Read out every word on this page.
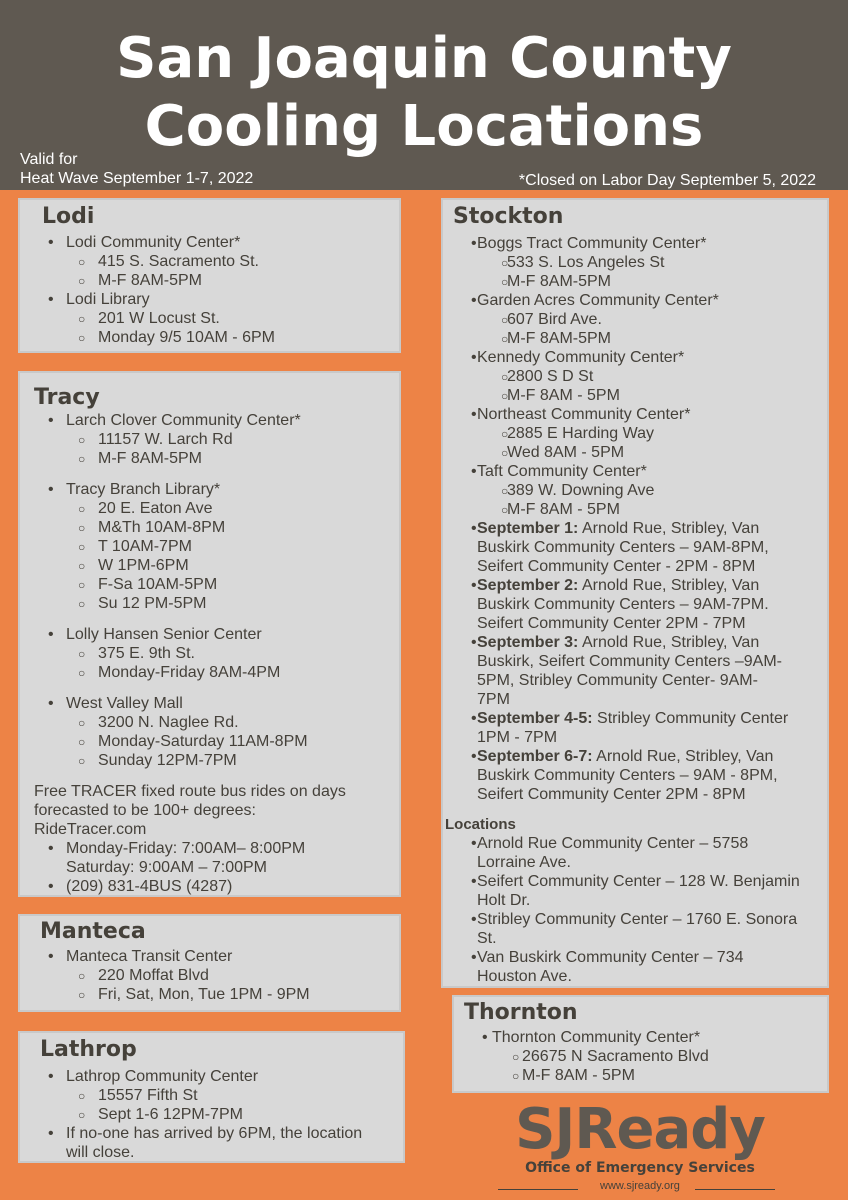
San Joaquin County
Cooling Locations
Valid for
Heat Wave September 1-7, 2022	*Closed on Labor Day September 5, 2022
Lodi
• Lodi Community Center*
○ 415 S. Sacramento St.
○ M-F 8AM-5PM
• Lodi Library
○ 201 W Locust St.
○ Monday 9/5 10AM - 6PM
Tracy
• Larch Clover Community Center*
○ 11157 W. Larch Rd
○ M-F 8AM-5PM
• Tracy Branch Library*
○ 20 E. Eaton Ave
○ M&Th 10AM-8PM
○ T 10AM-7PM
○ W 1PM-6PM
○ F-Sa 10AM-5PM
○ Su 12 PM-5PM
• Lolly Hansen Senior Center
○ 375 E. 9th St.
○ Monday-Friday 8AM-4PM
• West Valley Mall
○ 3200 N. Naglee Rd.
○ Monday-Saturday 11AM-8PM
○ Sunday 12PM-7PM
Free TRACER fixed route bus rides on days
forecasted to be 100+ degrees:
RideTracer.com
• Monday-Friday: 7:00AM– 8:00PM
Saturday: 9:00AM – 7:00PM
• (209) 831-4BUS (4287)
Manteca
• Manteca Transit Center
○ 220 Moffat Blvd
○ Fri, Sat, Mon, Tue 1PM - 9PM
Lathrop
• Lathrop Community Center
○ 15557 Fifth St
○ Sept 1-6 12PM-7PM
• If no-one has arrived by 6PM, the location
will close.
Stockton
• Boggs Tract Community Center*
○ 533 S. Los Angeles St
○ M-F 8AM-5PM
• Garden Acres Community Center*
○ 607 Bird Ave.
○ M-F 8AM-5PM
• Kennedy Community Center*
○ 2800 S D St
○ M-F 8AM - 5PM
• Northeast Community Center*
○ 2885 E Harding Way
○ Wed 8AM - 5PM
• Taft Community Center*
○ 389 W. Downing Ave
○ M-F 8AM - 5PM
• September 1: Arnold Rue, Stribley, Van
Buskirk Community Centers – 9AM-8PM,
Seifert Community Center - 2PM - 8PM
• September 2: Arnold Rue, Stribley, Van
Buskirk Community Centers – 9AM-7PM.
Seifert Community Center 2PM - 7PM
• September 3: Arnold Rue, Stribley, Van
Buskirk, Seifert Community Centers –9AM-
5PM, Stribley Community Center- 9AM-
7PM
• September 4-5: Stribley Community Center
1PM - 7PM
• September 6-7: Arnold Rue, Stribley, Van
Buskirk Community Centers – 9AM - 8PM,
Seifert Community Center 2PM - 8PM
Locations
• Arnold Rue Community Center – 5758
Lorraine Ave.
• Seifert Community Center – 128 W. Benjamin
Holt Dr.
• Stribley Community Center – 1760 E. Sonora
St.
• Van Buskirk Community Center – 734
Houston Ave.
Thornton
• Thornton Community Center*
○ 26675 N Sacramento Blvd
○ M-F 8AM - 5PM
SJReady
Office of Emergency Services
www.sjready.org
